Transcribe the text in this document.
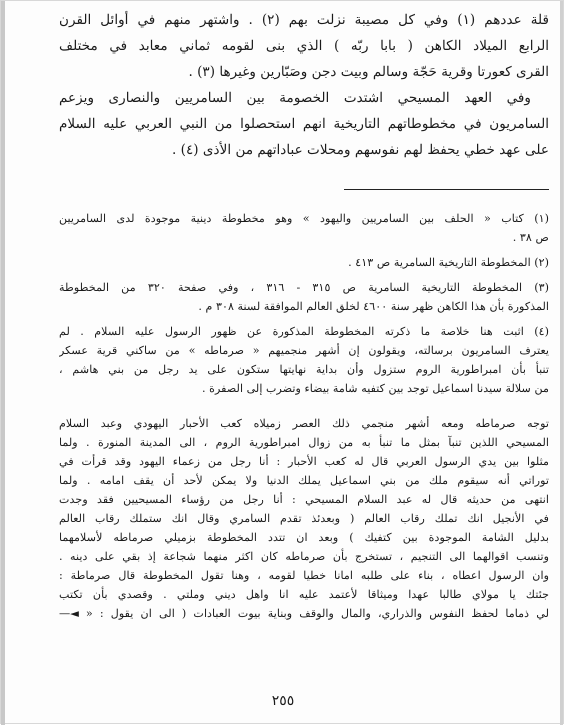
قلة عددهم (١) وفي كل مصيبة نزلت بهم (٢) . واشتهر منهم في أوائل القرن
الرابع الميلاد الكاهن ( بابا ربّه ) الذي بنى لقومه ثماني معابد في مختلف
القرى كعورتا وقرية حَجّة وسالم وبيت دجن وصَبّارين وغيرها (٣) .
وفي العهد المسيحي اشتدت الخصومة بين السامريين والنصارى ويزعم
السامريون في مخطوطاتهم التاريخية انهم استحصلوا من النبي العربي عليه السلام
على عهد خطي يحفظ لهم نفوسهم ومحلات عباداتهم من الأذى (٤) .
(١) كتاب « الحلف بين السامريين واليهود » وهو مخطوطة دينية موجودة لدى السامريين
ص ٣٨ .
(٢) المخطوطة التاريخية السامرية ص ٤١٣ .
(٣) المخطوطة التاريخية السامرية ص ٣١٥ - ٣١٦ ، وفي صفحة ٣٢٠ من المخطوطة
المذكورة بأن هذا الكاهن ظهر سنة ٤٦٠٠ لخلق العالم الموافقة لسنة ٣٠٨ م .
(٤) اثبت هنا خلاصة ما ذكرته المخطوطة المذكورة عن ظهور الرسول عليه السلام . لم
يعترف السامريون برسالته، ويقولون إن أشهر منجميهم « صرماطه » من ساكني قرية عسكر
تنبأ بأن امبراطورية الروم ستزول وأن بداية نهايتها ستكون على يد رجل من بني هاشم ،
من سلالة سيدنا اسماعيل توجد بين كتفيه شامة بيضاء وتضرب إلى الصفرة .
توجه صرماطه ومعه أشهر منجمي ذلك العصر زميلاه كعب الأحبار اليهودي وعبد السلام
المسيحي اللذين تنبآ بمثل ما تنبأ به من زوال امبراطورية الروم ، الى المدينة المنورة . ولما
مثلوا بين يدي الرسول العربي قال له كعب الأحبار : أنا رجل من زعماء اليهود وقد قرأت في
توراتي أنه سيقوم ملك من بني اسماعيل يملك الدنيا ولا يمكن لأحد أن يقف امامه . ولما
انتهى من حديثه قال له عبد السلام المسيحي : أنا رجل من رؤساء المسيحيين فقد وجدت
في الأنجيل انك تملك رقاب العالم ( وبعدئذ تقدم السامري وقال انك ستملك رقاب العالم
بدليل الشامة الموجودة بين كتفيك ) وبعد ان تتدد المخطوطة بزميلي صرماطه لأسلامهما
وتنسب اقوالهما الى التنجيم ، تستخرج بأن صرماطه كان اكثر منهما شجاعة إذ بقي على دينه .
وان الرسول اعطاه ، بناء على طلبه امانا خطيا لقومه ، وهنا تقول المخطوطة قال صرماطة :
جئتك يا مولاي طالبا عهدا وميثاقا لأعتمد عليه انا واهل ديني وملتي . وقصدي بأن تكتب
لي ذماما لحفظ النفوس والذراري، والمال والوقف وبناية بيوت العبادات ( الى ان يقول : « ◄—
٢٥٥
